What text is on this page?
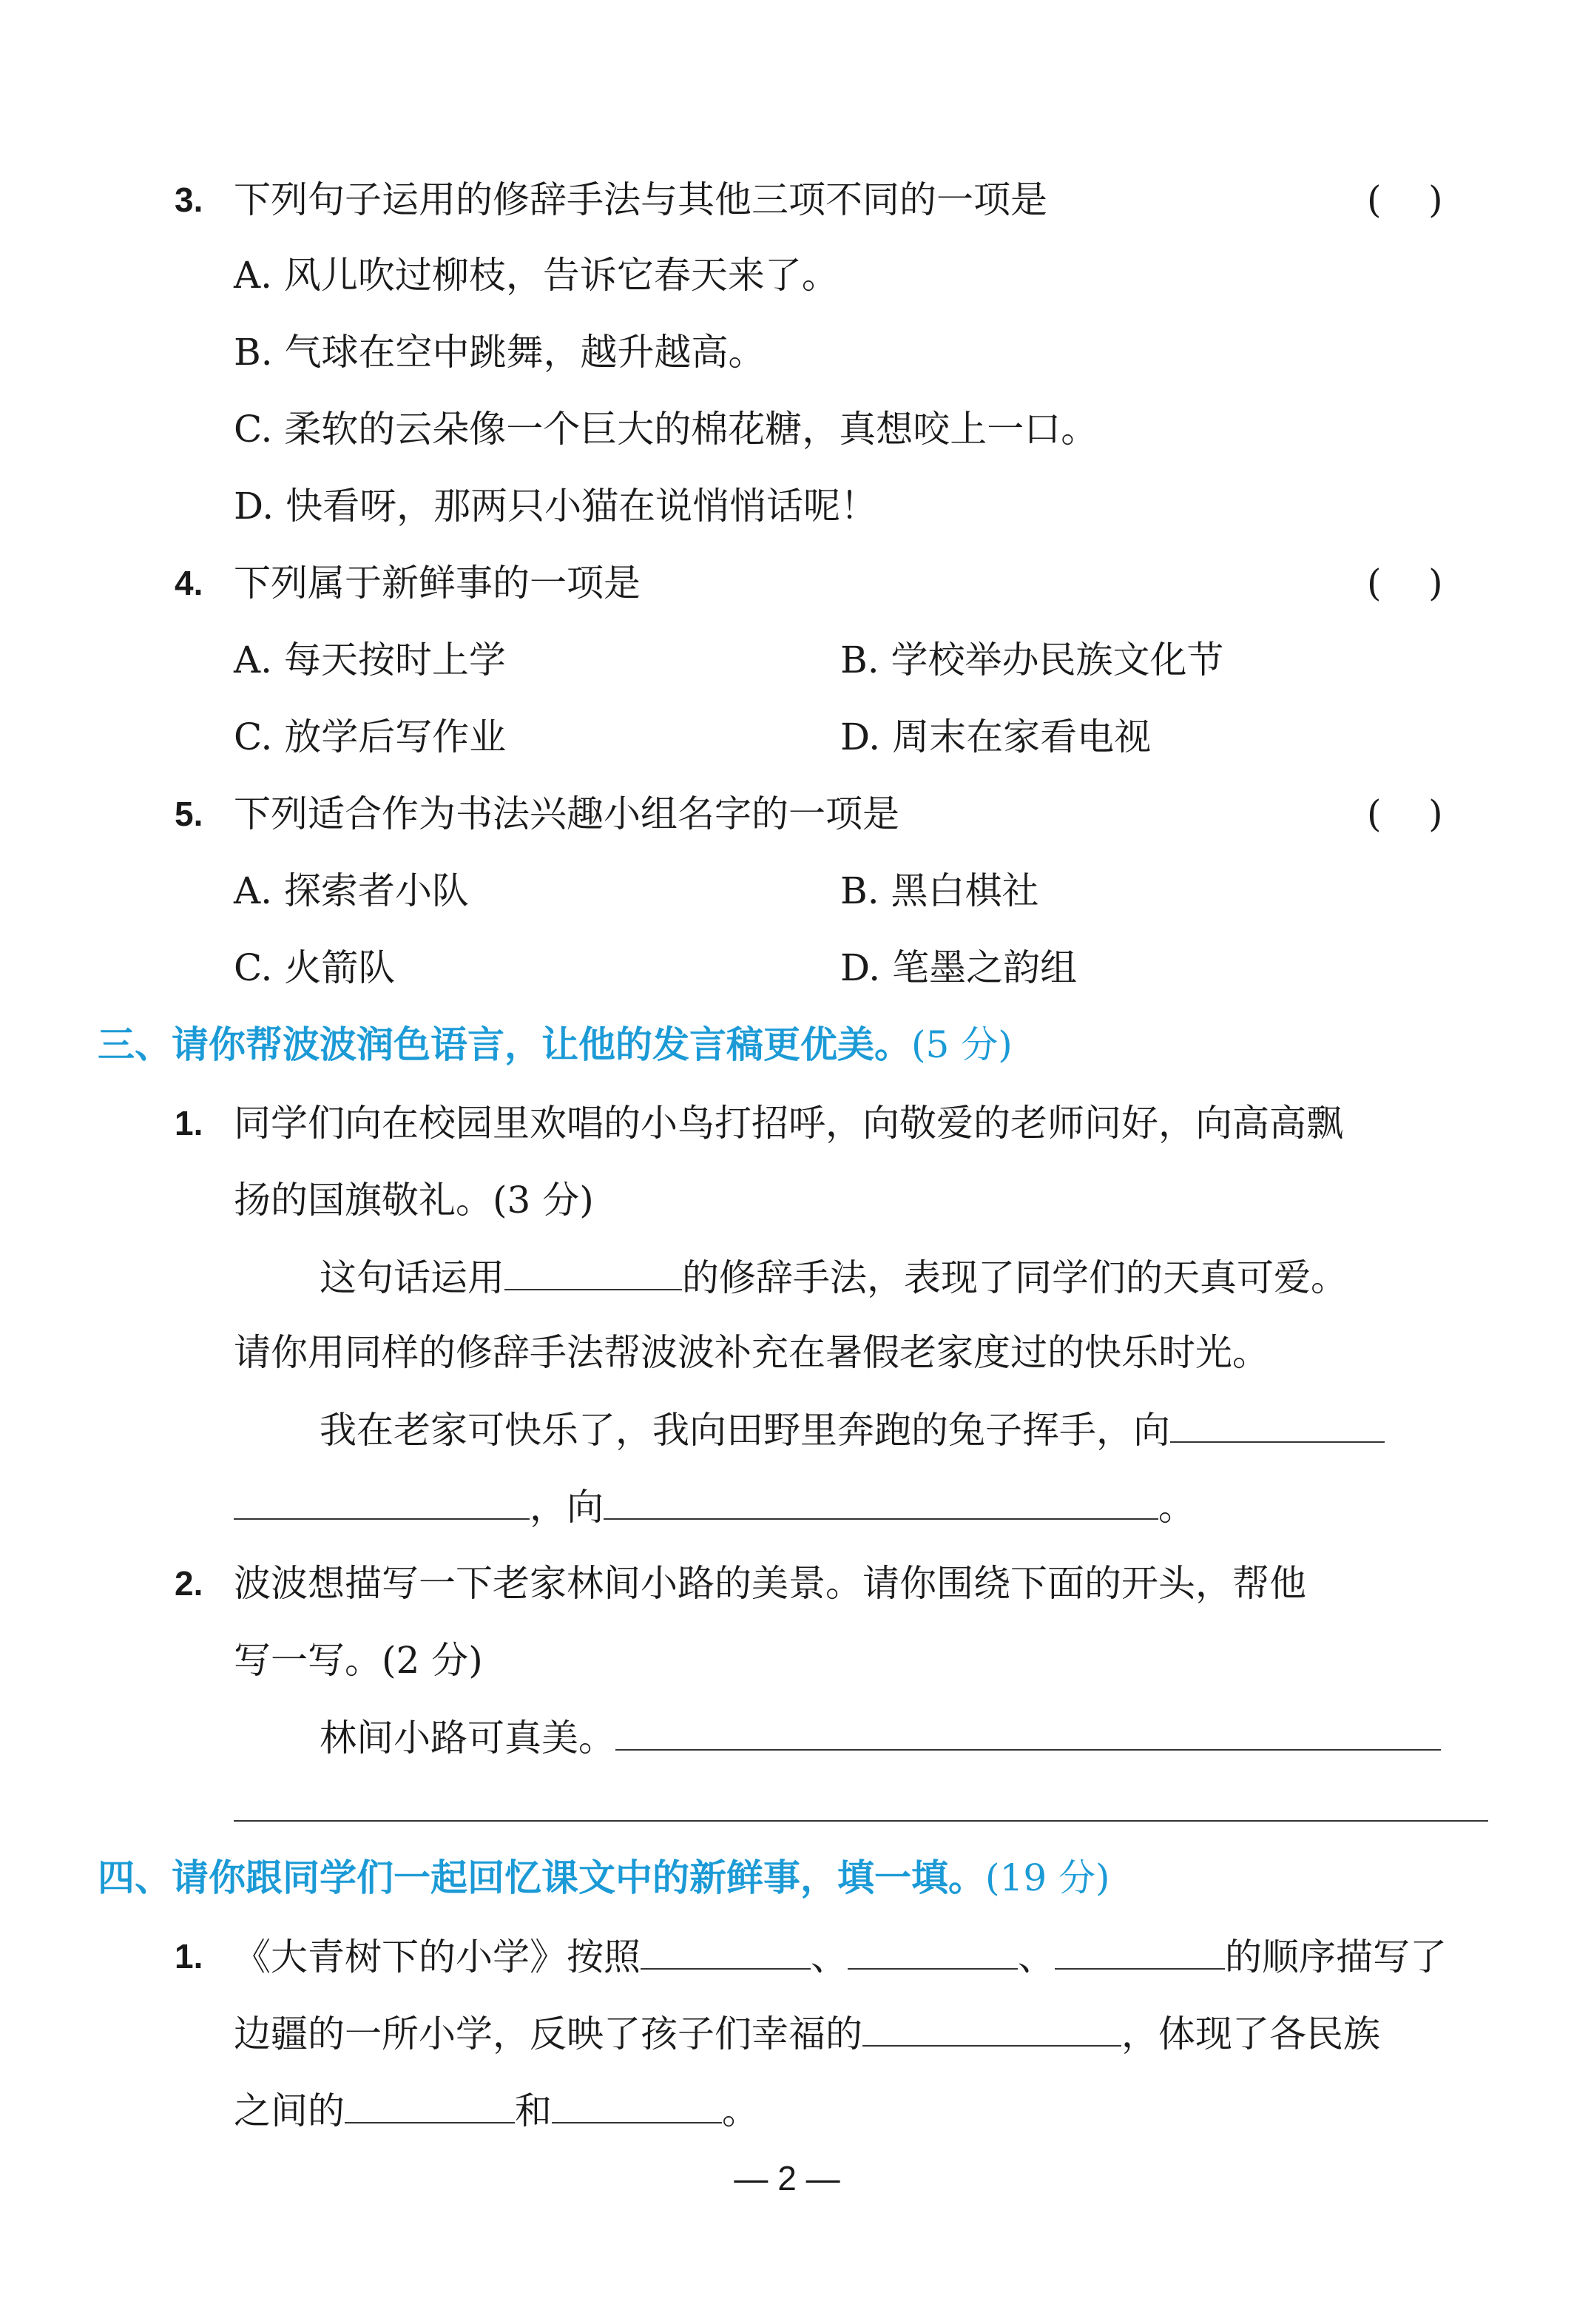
3. 下列句子运用的修辞手法与其他三项不同的一项是	(    )
A. 风儿吹过柳枝，告诉它春天来了。
B. 气球在空中跳舞，越升越高。
C. 柔软的云朵像一个巨大的棉花糖，真想咬上一口。
D. 快看呀，那两只小猫在说悄悄话呢！
4. 下列属于新鲜事的一项是	(    )
A. 每天按时上学	B. 学校举办民族文化节
C. 放学后写作业	D. 周末在家看电视
5. 下列适合作为书法兴趣小组名字的一项是	(    )
A. 探索者小队	B. 黑白棋社
C. 火箭队	D. 笔墨之韵组
三、请你帮波波润色语言，让他的发言稿更优美。(5 分)
1. 同学们向在校园里欢唱的小鸟打招呼，向敬爱的老师问好，向高高飘
扬的国旗敬礼。(3 分)
这句话运用	的修辞手法，表现了同学们的天真可爱。
请你用同样的修辞手法帮波波补充在暑假老家度过的快乐时光。
我在老家可快乐了，我向田野里奔跑的兔子挥手，向
，向	。
2. 波波想描写一下老家林间小路的美景。请你围绕下面的开头，帮他
写一写。(2 分)
林间小路可真美。
四、请你跟同学们一起回忆课文中的新鲜事，填一填。(19 分)
1. 《大青树下的小学》按照	、	、	的顺序描写了
边疆的一所小学，反映了孩子们幸福的	，体现了各民族
之间的	和	。
— 2 —
